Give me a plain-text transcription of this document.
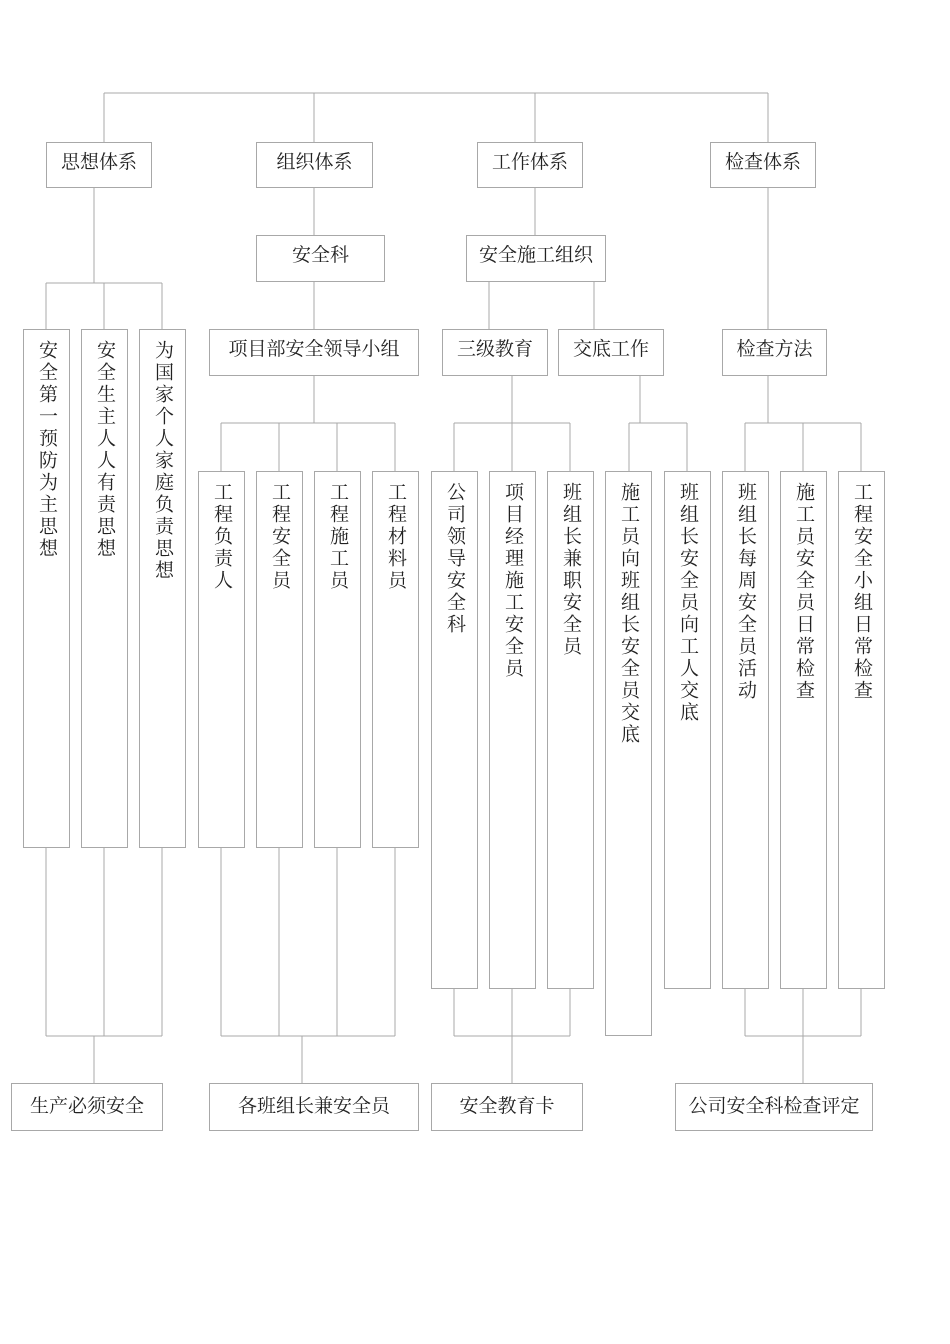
思想体系	组织体系	工作体系	检查体系
安全科	安全施工组织
项目部安全领导小组	三级教育 交底工作	检查方法
安全第一预防为主思想 安全生主人人有责思想 为国家个人家庭负责思想 工程负责人 工程安全员 工程施工员 工程材料员 公司领导安全科 项目经理施工安全员 班组长兼职安全员 施工员向班组长安全员交底 班组长安全员向工人交底 班组长每周安全员活动 施工员安全员日常检查 工程安全小组日常检查
生产必须安全	各班组长兼安全员	安全教育卡	公司安全科检查评定
